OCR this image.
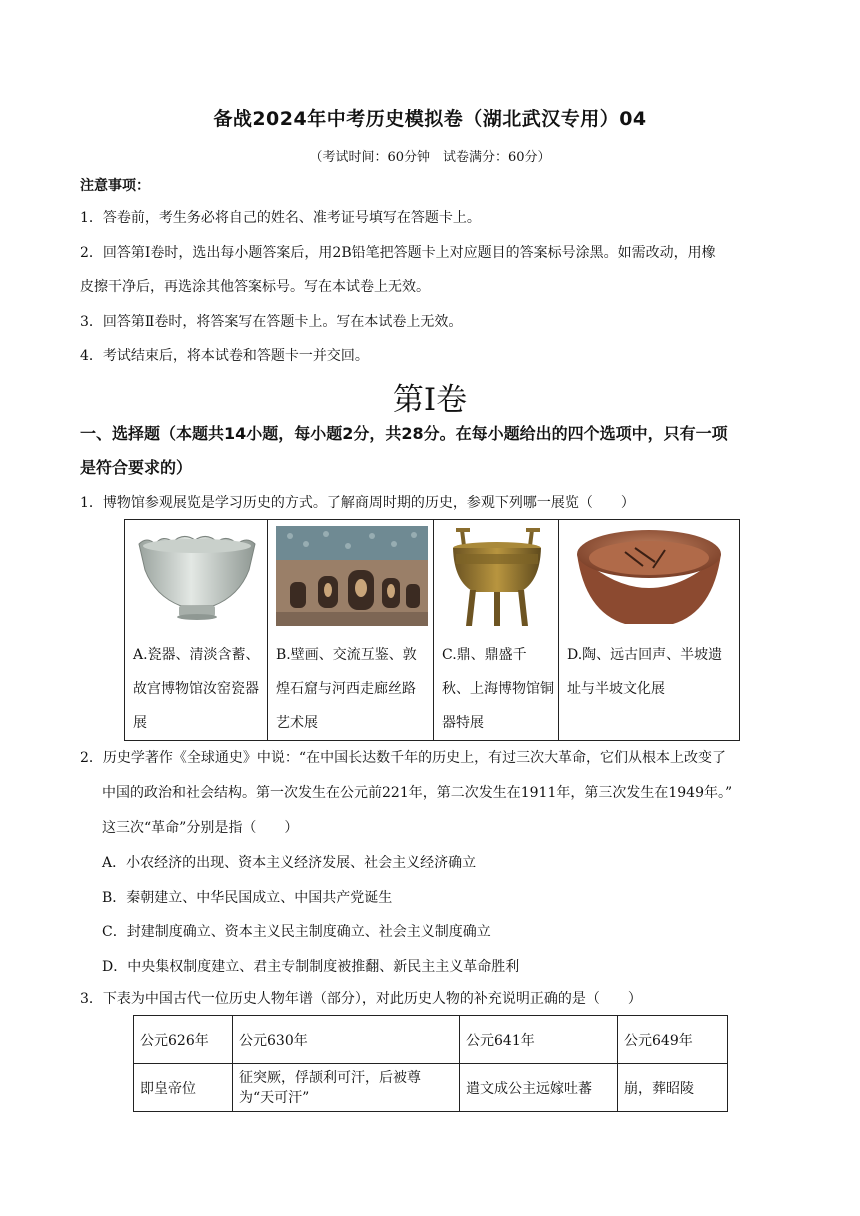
备战2024年中考历史模拟卷（湖北武汉专用）04
（考试时间：60分钟　试卷满分：60分）
注意事项：
1．答卷前，考生务必将自己的姓名、准考证号填写在答题卡上。
2．回答第Ⅰ卷时，选出每小题答案后，用2B铅笔把答题卡上对应题目的答案标号涂黑。如需改动，用橡
皮擦干净后，再选涂其他答案标号。写在本试卷上无效。
3．回答第Ⅱ卷时，将答案写在答题卡上。写在本试卷上无效。
4．考试结束后，将本试卷和答题卡一并交回。
第Ⅰ卷
一、选择题（本题共14小题，每小题2分，共28分。在每小题给出的四个选项中，只有一项
是符合要求的）
1．博物馆参观展览是学习历史的方式。了解商周时期的历史，参观下列哪一展览（　　）
A.瓷器、清淡含蓄、故宫博物馆汝窑瓷器展
B.壁画、交流互鉴、敦煌石窟与河西走廊丝路艺术展
C.鼎、鼎盛千秋、上海博物馆铜器特展
D.陶、远古回声、半坡遗址与半坡文化展
2．历史学著作《全球通史》中说：“在中国长达数千年的历史上，有过三次大革命，它们从根本上改变了
中国的政治和社会结构。第一次发生在公元前221年，第二次发生在1911年，第三次发生在1949年。”
这三次“革命”分别是指（　　）
A．小农经济的出现、资本主义经济发展、社会主义经济确立
B．秦朝建立、中华民国成立、中国共产党诞生
C．封建制度确立、资本主义民主制度确立、社会主义制度确立
D．中央集权制度建立、君主专制制度被推翻、新民主主义革命胜利
3．下表为中国古代一位历史人物年谱（部分），对此历史人物的补充说明正确的是（　　）
公元626年	公元630年	公元641年	公元649年
即皇帝位	征突厥，俘颉利可汗，后被尊为“天可汗”	遣文成公主远嫁吐蕃	崩，葬昭陵
